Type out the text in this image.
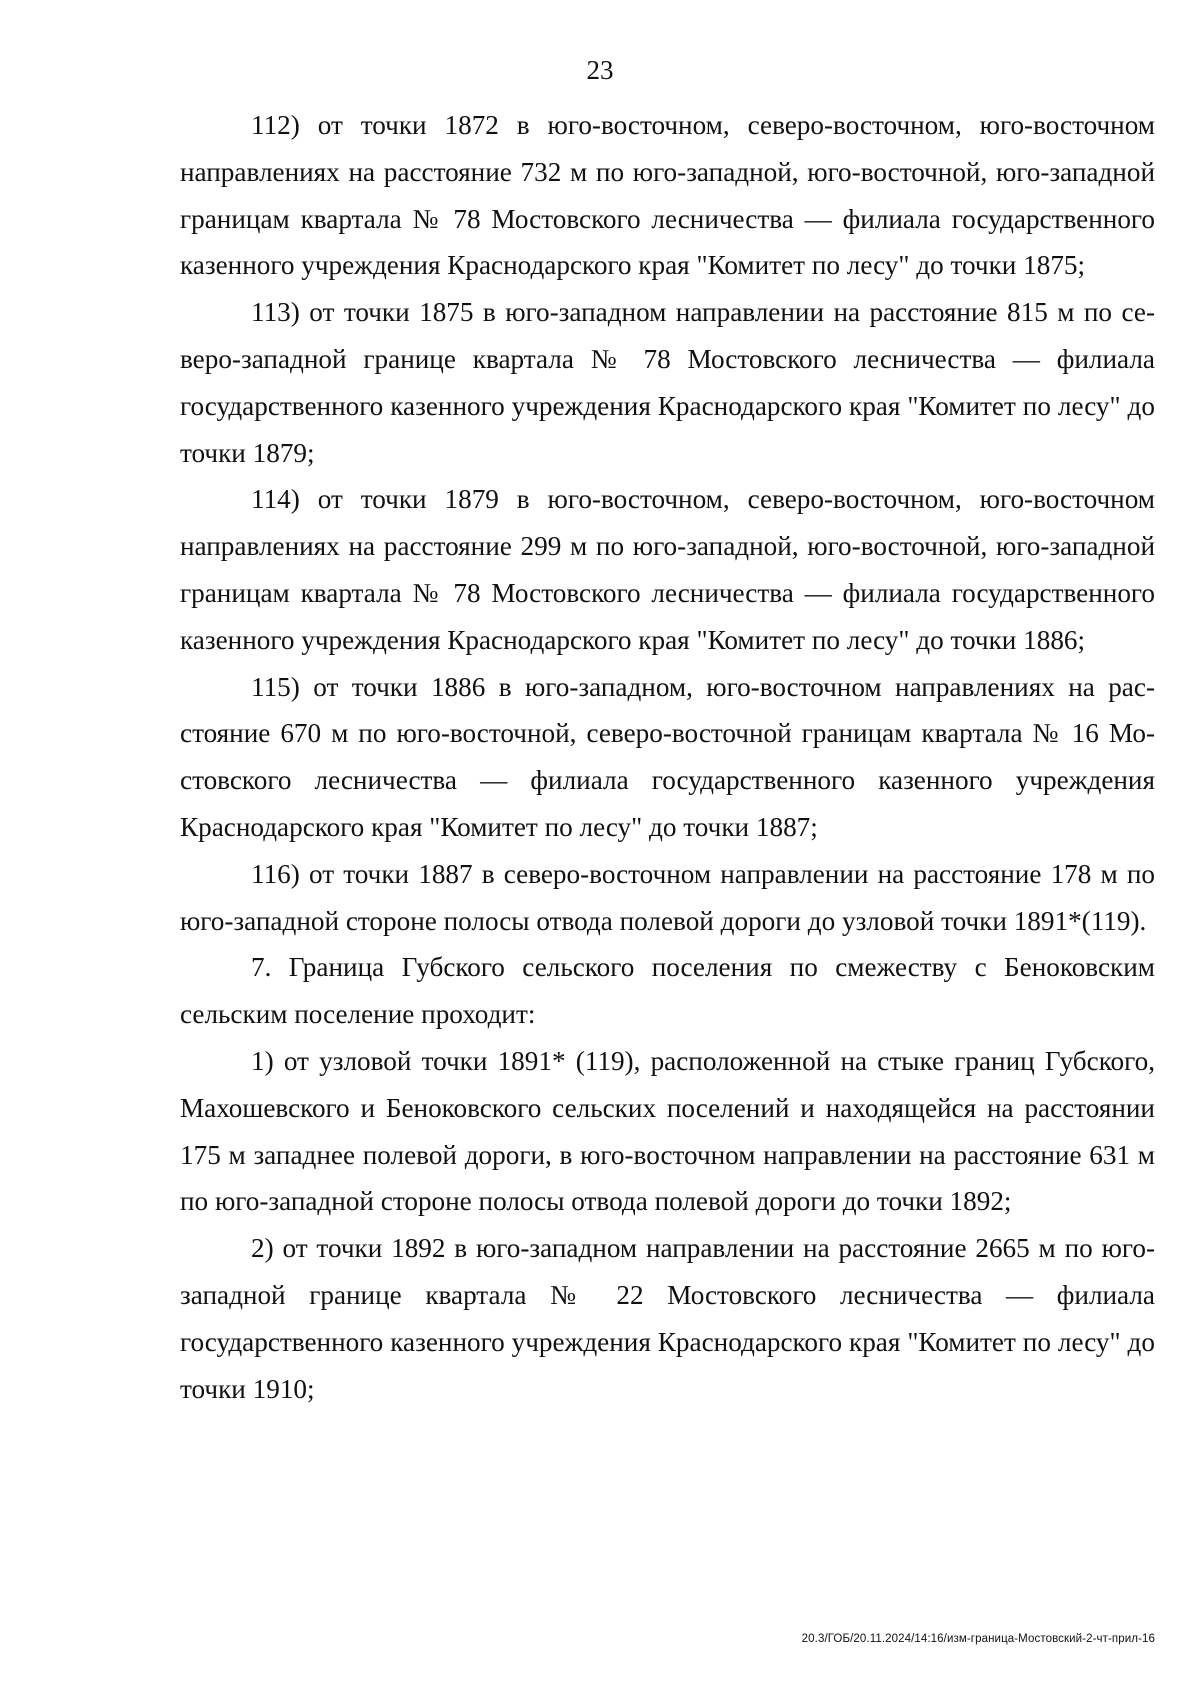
23

112) от точки 1872 в юго-восточном, северо-восточном, юго-восточном направлениях на расстояние 732 м по юго-западной, юго-восточной, юго-западной границам квартала № 78 Мостовского лесничества — филиала государственного казенного учреждения Краснодарского края "Комитет по лесу" до точки 1875;

113) от точки 1875 в юго-западном направлении на расстояние 815 м по северо-западной границе квартала № 78 Мостовского лесничества — филиала государственного казенного учреждения Краснодарского края "Комитет по лесу" до точки 1879;

114) от точки 1879 в юго-восточном, северо-восточном, юго-восточном направлениях на расстояние 299 м по юго-западной, юго-восточной, юго-западной границам квартала № 78 Мостовского лесничества — филиала государственного казенного учреждения Краснодарского края "Комитет по лесу" до точки 1886;

115) от точки 1886 в юго-западном, юго-восточном направлениях на расстояние 670 м по юго-восточной, северо-восточной границам квартала № 16 Мостовского лесничества — филиала государственного казенного учреждения Краснодарского края "Комитет по лесу" до точки 1887;

116) от точки 1887 в северо-восточном направлении на расстояние 178 м по юго-западной стороне полосы отвода полевой дороги до узловой точки 1891*(119).

7. Граница Губского сельского поселения по смежеству с Беноковским сельским поселение проходит:

1) от узловой точки 1891* (119), расположенной на стыке границ Губского, Махошевского и Беноковского сельских поселений и находящейся на расстоянии 175 м западнее полевой дороги, в юго-восточном направлении на расстояние 631 м по юго-западной стороне полосы отвода полевой дороги до точки 1892;

2) от точки 1892 в юго-западном направлении на расстояние 2665 м по юго-западной границе квартала № 22 Мостовского лесничества — филиала государственного казенного учреждения Краснодарского края "Комитет по лесу" до точки 1910;

20.3/ГОБ/20.11.2024/14:16/изм-граница-Мостовский-2-чт-прил-16
